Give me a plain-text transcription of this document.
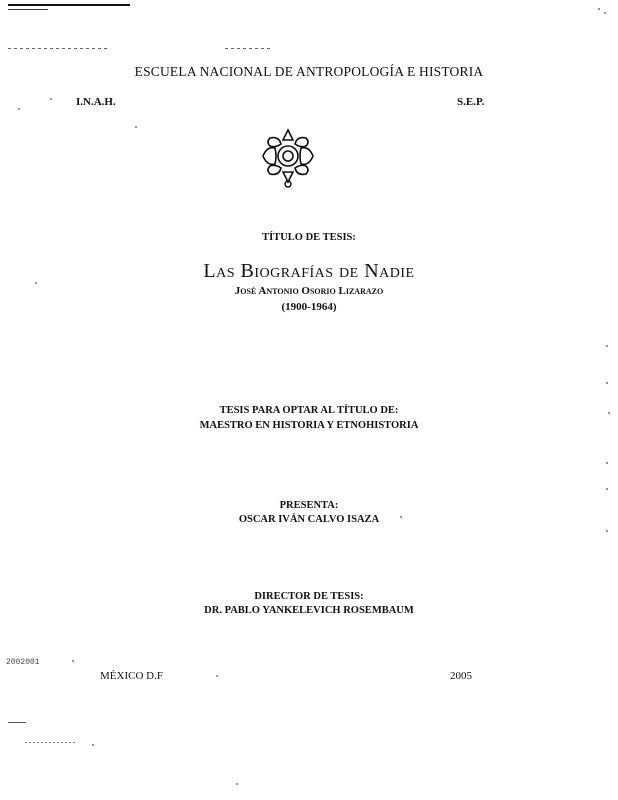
ESCUELA NACIONAL DE ANTROPOLOGÍA E HISTORIA
I.N.A.H.	S.E.P.
TÍTULO DE TESIS:
Las Biografías de Nadie
José Antonio Osorio Lizarazo
(1900-1964)
TESIS PARA OPTAR AL TÍTULO DE:
MAESTRO EN HISTORIA Y ETNOHISTORIA
PRESENTA:
OSCAR IVÁN CALVO ISAZA
DIRECTOR DE TESIS:
DR. PABLO YANKELEVICH ROSEMBAUM
2002001
MÉXICO D.F	2005
